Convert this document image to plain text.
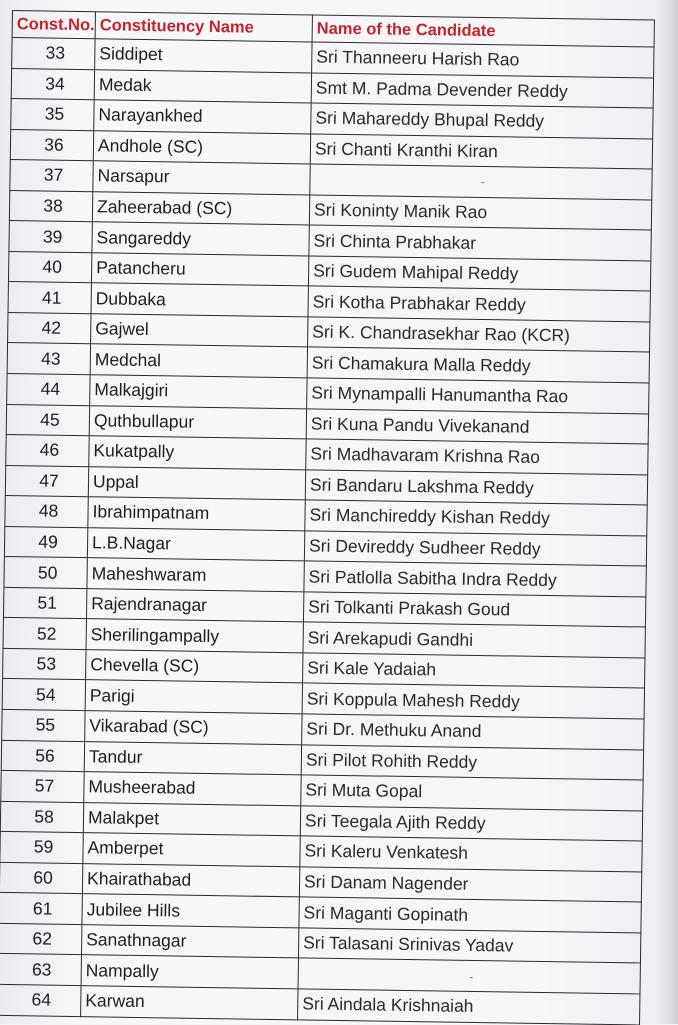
Const.No.	Constituency Name	Name of the Candidate
33	Siddipet	Sri Thanneeru Harish Rao
34	Medak	Smt M. Padma Devender Reddy
35	Narayankhed	Sri Mahareddy Bhupal Reddy
36	Andhole (SC)	Sri Chanti Kranthi Kiran
37	Narsapur	-

38	Zaheerabad (SC)	Sri Koninty Manik Rao
39	Sangareddy	Sri Chinta Prabhakar
40	Patancheru	Sri Gudem Mahipal Reddy
41	Dubbaka	Sri Kotha Prabhakar Reddy
42	Gajwel	Sri K. Chandrasekhar Rao (KCR)
43	Medchal	Sri Chamakura Malla Reddy
44	Malkajgiri	Sri Mynampalli Hanumantha Rao
45	Quthbullapur	Sri Kuna Pandu Vivekanand
46	Kukatpally	Sri Madhavaram Krishna Rao
47	Uppal	Sri Bandaru Lakshma Reddy
48	Ibrahimpatnam	Sri Manchireddy Kishan Reddy
49	L.B.Nagar	Sri Devireddy Sudheer Reddy
50	Maheshwaram	Sri Patlolla Sabitha Indra Reddy
51	Rajendranagar	Sri Tolkanti Prakash Goud
52	Sherilingampally	Sri Arekapudi Gandhi
53	Chevella (SC)	Sri Kale Yadaiah
54	Parigi	Sri Koppula Mahesh Reddy
55	Vikarabad (SC)	Sri Dr. Methuku Anand
56	Tandur	Sri Pilot Rohith Reddy
57	Musheerabad	Sri Muta Gopal
58	Malakpet	Sri Teegala Ajith Reddy
59	Amberpet	Sri Kaleru Venkatesh
60	Khairathabad	Sri Danam Nagender
61	Jubilee Hills	Sri Maganti Gopinath
62	Sanathnagar	Sri Talasani Srinivas Yadav
63	Nampally	-

64	Karwan	Sri Aindala Krishnaiah
